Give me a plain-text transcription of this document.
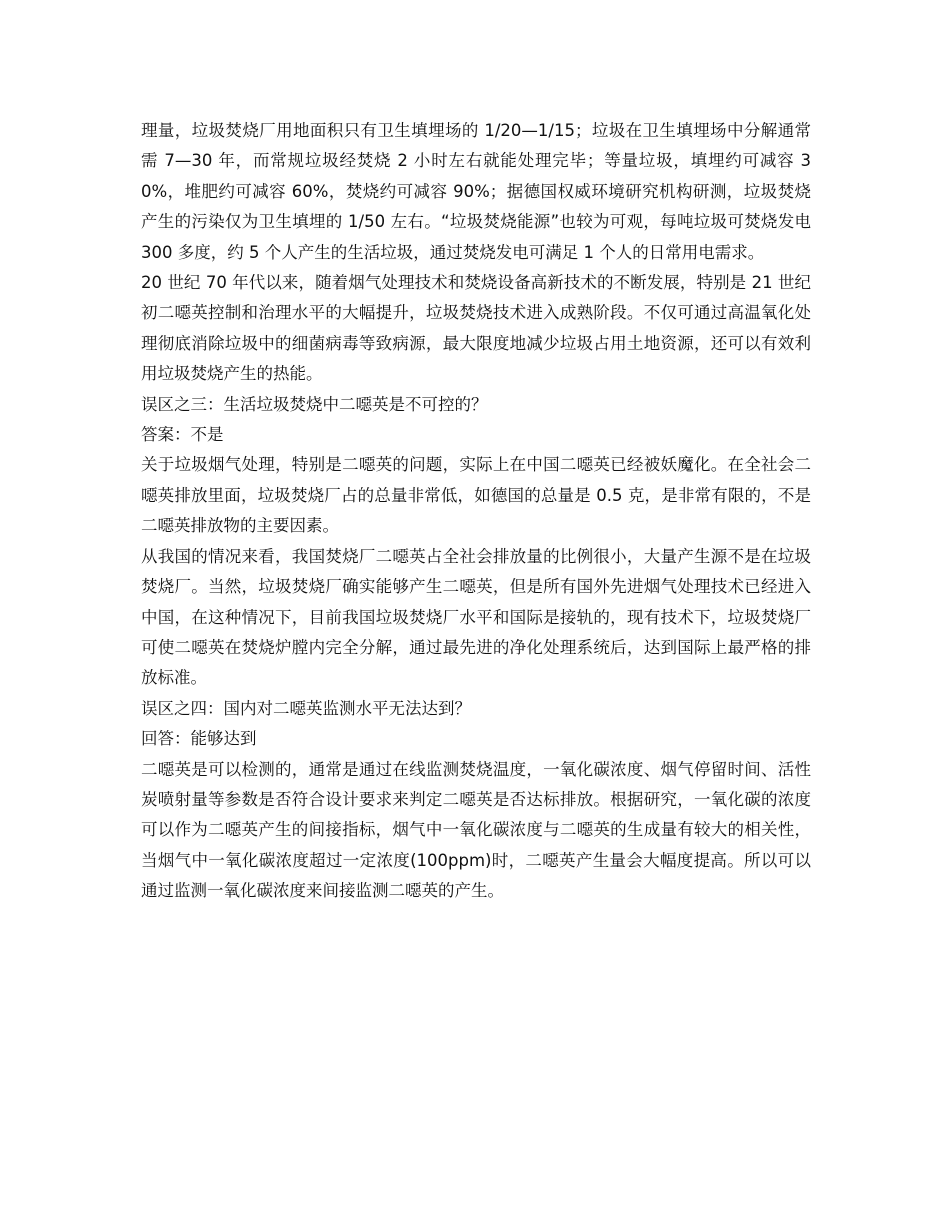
理量，垃圾焚烧厂用地面积只有卫生填埋场的 1/20—1/15；垃圾在卫生填埋场中分解通常需 7—30 年，而常规垃圾经焚烧 2 小时左右就能处理完毕；等量垃圾，填埋约可减容 30%，堆肥约可减容 60%，焚烧约可减容 90%；据德国权威环境研究机构研测，垃圾焚烧产生的污染仅为卫生填埋的 1/50 左右。“垃圾焚烧能源”也较为可观，每吨垃圾可焚烧发电 300 多度，约 5 个人产生的生活垃圾，通过焚烧发电可满足 1 个人的日常用电需求。

20 世纪 70 年代以来，随着烟气处理技术和焚烧设备高新技术的不断发展，特别是 21 世纪初二噁英控制和治理水平的大幅提升，垃圾焚烧技术进入成熟阶段。不仅可通过高温氧化处理彻底消除垃圾中的细菌病毒等致病源，最大限度地减少垃圾占用土地资源，还可以有效利用垃圾焚烧产生的热能。

误区之三：生活垃圾焚烧中二噁英是不可控的？

答案：不是

关于垃圾烟气处理，特别是二噁英的问题，实际上在中国二噁英已经被妖魔化。在全社会二噁英排放里面，垃圾焚烧厂占的总量非常低，如德国的总量是 0.5 克，是非常有限的，不是二噁英排放物的主要因素。

从我国的情况来看，我国焚烧厂二噁英占全社会排放量的比例很小，大量产生源不是在垃圾焚烧厂。当然，垃圾焚烧厂确实能够产生二噁英，但是所有国外先进烟气处理技术已经进入中国，在这种情况下，目前我国垃圾焚烧厂水平和国际是接轨的，现有技术下，垃圾焚烧厂可使二噁英在焚烧炉膛内完全分解，通过最先进的净化处理系统后，达到国际上最严格的排放标准。

误区之四：国内对二噁英监测水平无法达到？

回答：能够达到

二噁英是可以检测的，通常是通过在线监测焚烧温度，一氧化碳浓度、烟气停留时间、活性炭喷射量等参数是否符合设计要求来判定二噁英是否达标排放。根据研究，一氧化碳的浓度可以作为二噁英产生的间接指标，烟气中一氧化碳浓度与二噁英的生成量有较大的相关性，当烟气中一氧化碳浓度超过一定浓度(100ppm)时，二噁英产生量会大幅度提高。所以可以通过监测一氧化碳浓度来间接监测二噁英的产生。
